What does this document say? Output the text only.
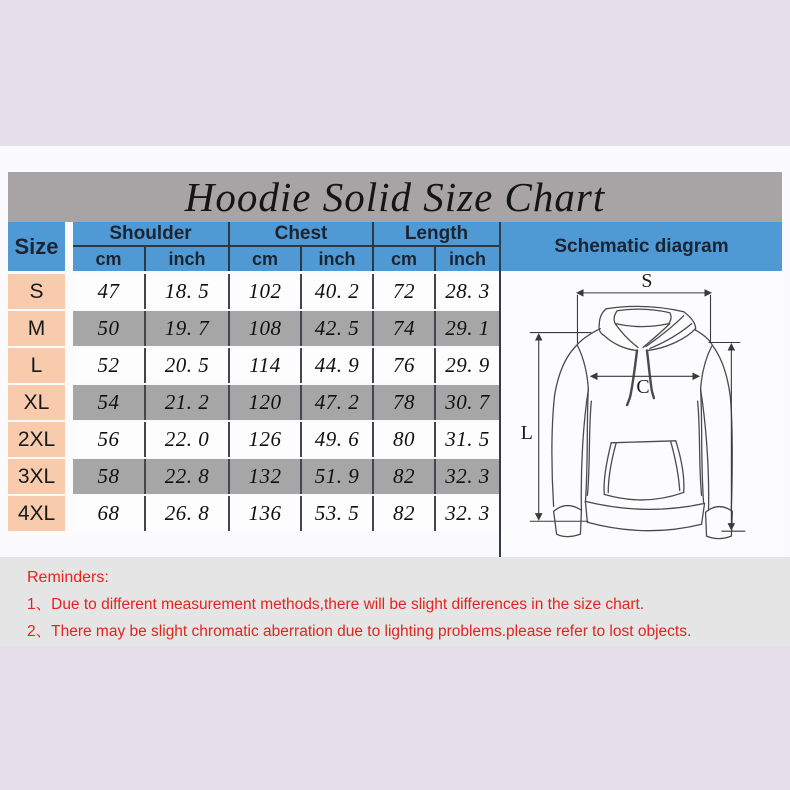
Hoodie Solid Size Chart
Size
Shoulder	Chest	Length
cm	inch	cm	inch	cm	inch
S	47	18. 5	102	40. 2	72	28. 3
M	50	19. 7	108	42. 5	74	29. 1
L	52	20. 5	114	44. 9	76	29. 9
XL	54	21. 2	120	47. 2	78	30. 7
2XL	56	22. 0	126	49. 6	80	31. 5
3XL	58	22. 8	132	51. 9	82	32. 3
4XL	68	26. 8	136	53. 5	82	32. 3
Schematic diagram
S
C
L
Reminders:
1、Due to different measurement methods,there will be slight differences in the size chart.
2、There may be slight chromatic aberration due to lighting problems.please refer to lost objects.
